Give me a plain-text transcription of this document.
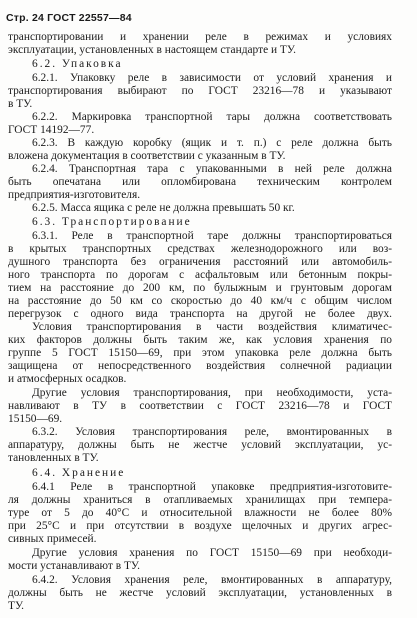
Стр. 24 ГОСТ 22557—84
транспортировании и хранении реле в режимах и условиях
эксплуатации, установленных в настоящем стандарте и ТУ.
6.2. Упаковка
6.2.1. Упаковку реле в зависимости от условий хранения и
транспортирования выбирают по ГОСТ 23216—78 и указывают
в ТУ.
6.2.2. Маркировка транспортной тары должна соответствовать
ГОСТ 14192—77.
6.2.3. В каждую коробку (ящик и т. п.) с реле должна быть
вложена документация в соответствии с указанным в ТУ.
6.2.4. Транспортная тара с упакованными в ней реле должна
быть опечатана или опломбирована техническим контролем
предприятия-изготовителя.
6.2.5. Масса ящика с реле не должна превышать 50 кг.
6.3. Транспортирование
6.3.1. Реле в транспортной таре должны транспортироваться
в крытых транспортных средствах железнодорожного или воз-
душного транспорта без ограничения расстояний или автомобиль-
ного транспорта по дорогам с асфальтовым или бетонным покры-
тием на расстояние до 200 км, по булыжным и грунтовым дорогам
на расстояние до 50 км со скоростью до 40 км/ч с общим числом
перегрузок с одного вида транспорта на другой не более двух.
Условия транспортирования в части воздействия климатичес-
ких факторов должны быть таким же, как условия хранения по
группе 5 ГОСТ 15150—69, при этом упаковка реле должна быть
защищена от непосредственного воздействия солнечной радиации
и атмосферных осадков.
Другие условия транспортирования, при необходимости, уста-
навливают в ТУ в соответствии с ГОСТ 23216—78 и ГОСТ
15150—69.
6.3.2. Условия транспортирования реле, вмонтированных в
аппаратуру, должны быть не жестче условий эксплуатации, ус-
тановленных в ТУ.
6.4. Хранение
6.4.1 Реле в транспортной упаковке предприятия-изготовите-
ля должны храниться в отапливаемых хранилищах при темпера-
туре от 5 до 40°С и относительной влажности не более 80%
при 25°С и при отсутствии в воздухе щелочных и других агрес-
сивных примесей.
Другие условия хранения по ГОСТ 15150—69 при необходи-
мости устанавливают в ТУ.
6.4.2. Условия хранения реле, вмонтированных в аппаратуру,
должны быть не жестче условий эксплуатации, установленных в
ТУ.
